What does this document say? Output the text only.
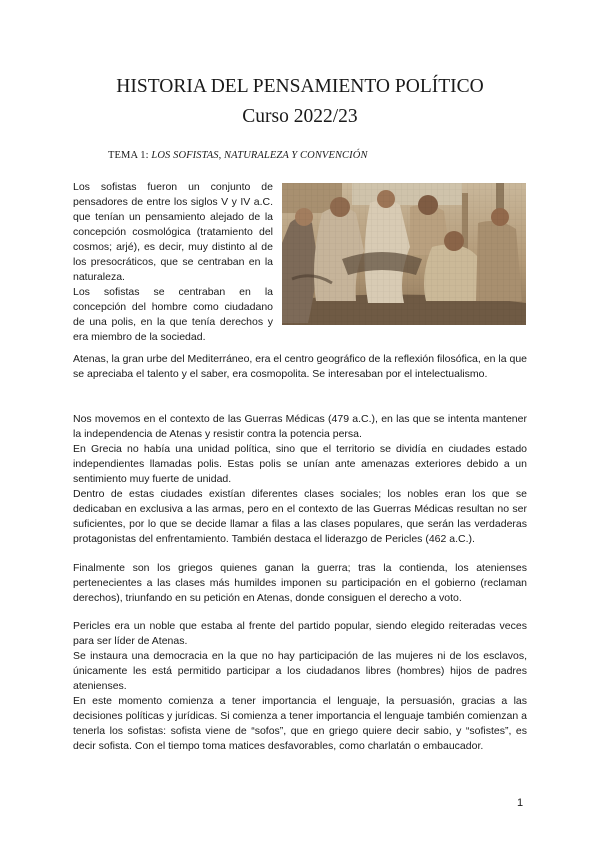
HISTORIA DEL PENSAMIENTO POLÍTICO
Curso 2022/23
TEMA 1: LOS SOFISTAS, NATURALEZA Y CONVENCIÓN
Los sofistas fueron un conjunto de pensadores de entre los siglos V y IV a.C. que tenían un pensamiento alejado de la concepción cosmológica (tratamiento del cosmos; arjé), es decir, muy distinto al de los presocráticos, que se centraban en la naturaleza.
Los sofistas se centraban en la concepción del hombre como ciudadano de una polis, en la que tenía derechos y era miembro de la sociedad.
Atenas, la gran urbe del Mediterráneo, era el centro geográfico de la reflexión filosófica, en la que se apreciaba el talento y el saber, era cosmopolita. Se interesaban por el intelectualismo.
Nos movemos en el contexto de las Guerras Médicas (479 a.C.), en las que se intenta mantener la independencia de Atenas y resistir contra la potencia persa.
En Grecia no había una unidad política, sino que el territorio se dividía en ciudades estado independientes llamadas polis. Estas polis se unían ante amenazas exteriores debido a un sentimiento muy fuerte de unidad.
Dentro de estas ciudades existían diferentes clases sociales; los nobles eran los que se dedicaban en exclusiva a las armas, pero en el contexto de las Guerras Médicas resultan no ser suficientes, por lo que se decide llamar a filas a las clases populares, que serán las verdaderas protagonistas del enfrentamiento. También destaca el liderazgo de Pericles (462 a.C.).
Finalmente son los griegos quienes ganan la guerra; tras la contienda, los atenienses pertenecientes a las clases más humildes imponen su participación en el gobierno (reclaman derechos), triunfando en su petición en Atenas, donde consiguen el derecho a voto.
Pericles era un noble que estaba al frente del partido popular, siendo elegido reiteradas veces para ser líder de Atenas.
Se instaura una democracia en la que no hay participación de las mujeres ni de los esclavos, únicamente les está permitido participar a los ciudadanos libres (hombres) hijos de padres atenienses.
En este momento comienza a tener importancia el lenguaje, la persuasión, gracias a las decisiones políticas y jurídicas. Si comienza a tener importancia el lenguaje también comienzan a tenerla los sofistas: sofista viene de “sofos”, que en griego quiere decir sabio, y “sofistes”, es decir sofista. Con el tiempo toma matices desfavorables, como charlatán o embaucador.
1
